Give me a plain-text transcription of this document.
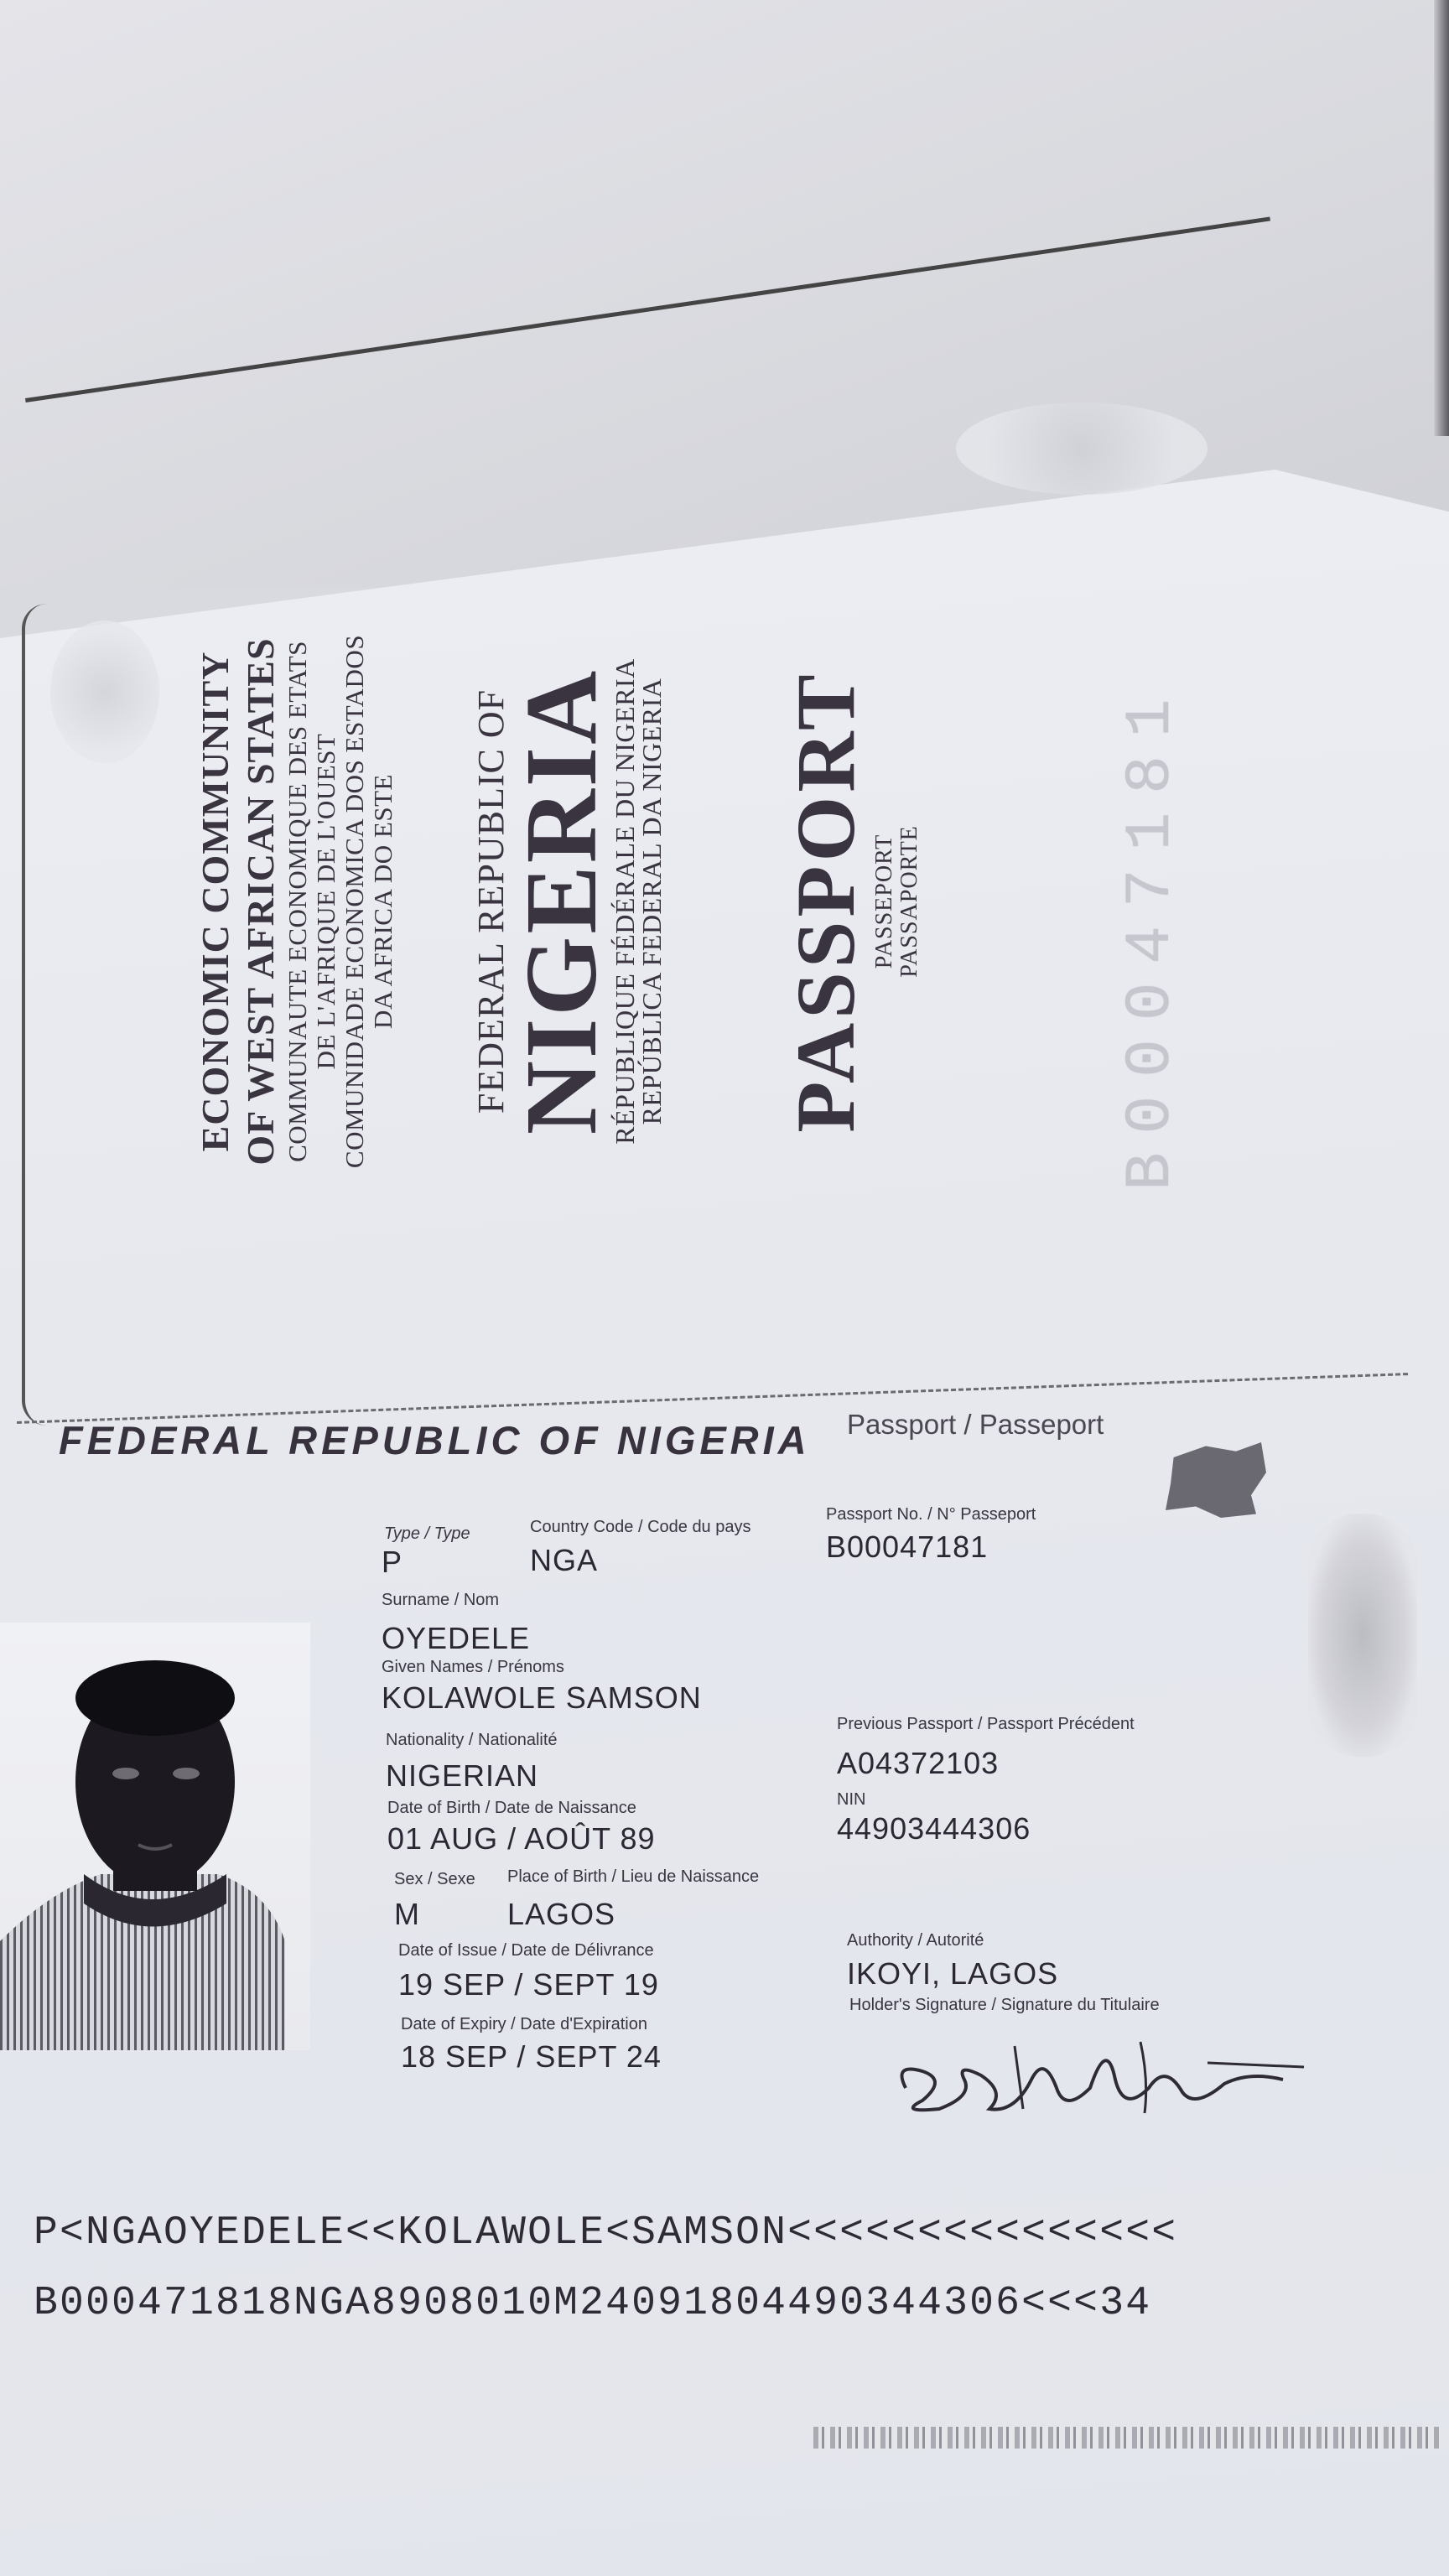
ECONOMIC COMMUNITY OF WEST AFRICAN STATES COMMUNAUTE ECONOMIQUE DES ETATS DE L'AFRIQUE DE L'OUEST COMUNIDADE ECONOMICA DOS ESTADOS DA AFRICA DO ESTE FEDERAL REPUBLIC OF
NIGERIA
RÉPUBLIQUE FÉDÉRALE DU NIGERIA
REPÚBLICA FEDERAL DA NIGERIA PASSPORT PASSEPORT PASSAPORTE	B00047181
FEDERAL REPUBLIC OF NIGERIA Passport / Passeport
Type / Type
P
Country Code / Code du pays
NGA
Passport No. / N° Passeport
B00047181
Surname / Nom
OYEDELE
Given Names / Prénoms
KOLAWOLE SAMSON
Nationality / Nationalité
NIGERIAN
Previous Passport / Passport Précédent
A04372103
Date of Birth / Date de Naissance
01 AUG / AOÛT 89
NIN
44903444306
Sex / Sexe
M
Place of Birth / Lieu de Naissance
LAGOS
Date of Issue / Date de Délivrance
19 SEP / SEPT 19
Date of Expiry / Date d'Expiration
18 SEP / SEPT 24
Authority / Autorité
IKOYI, LAGOS
Holder's Signature / Signature du Titulaire
P<NGAOYEDELE<<KOLAWOLE<SAMSON<<<<<<<<<<<<<<<
B000471818NGA8908010M24091804490344306<<<34
